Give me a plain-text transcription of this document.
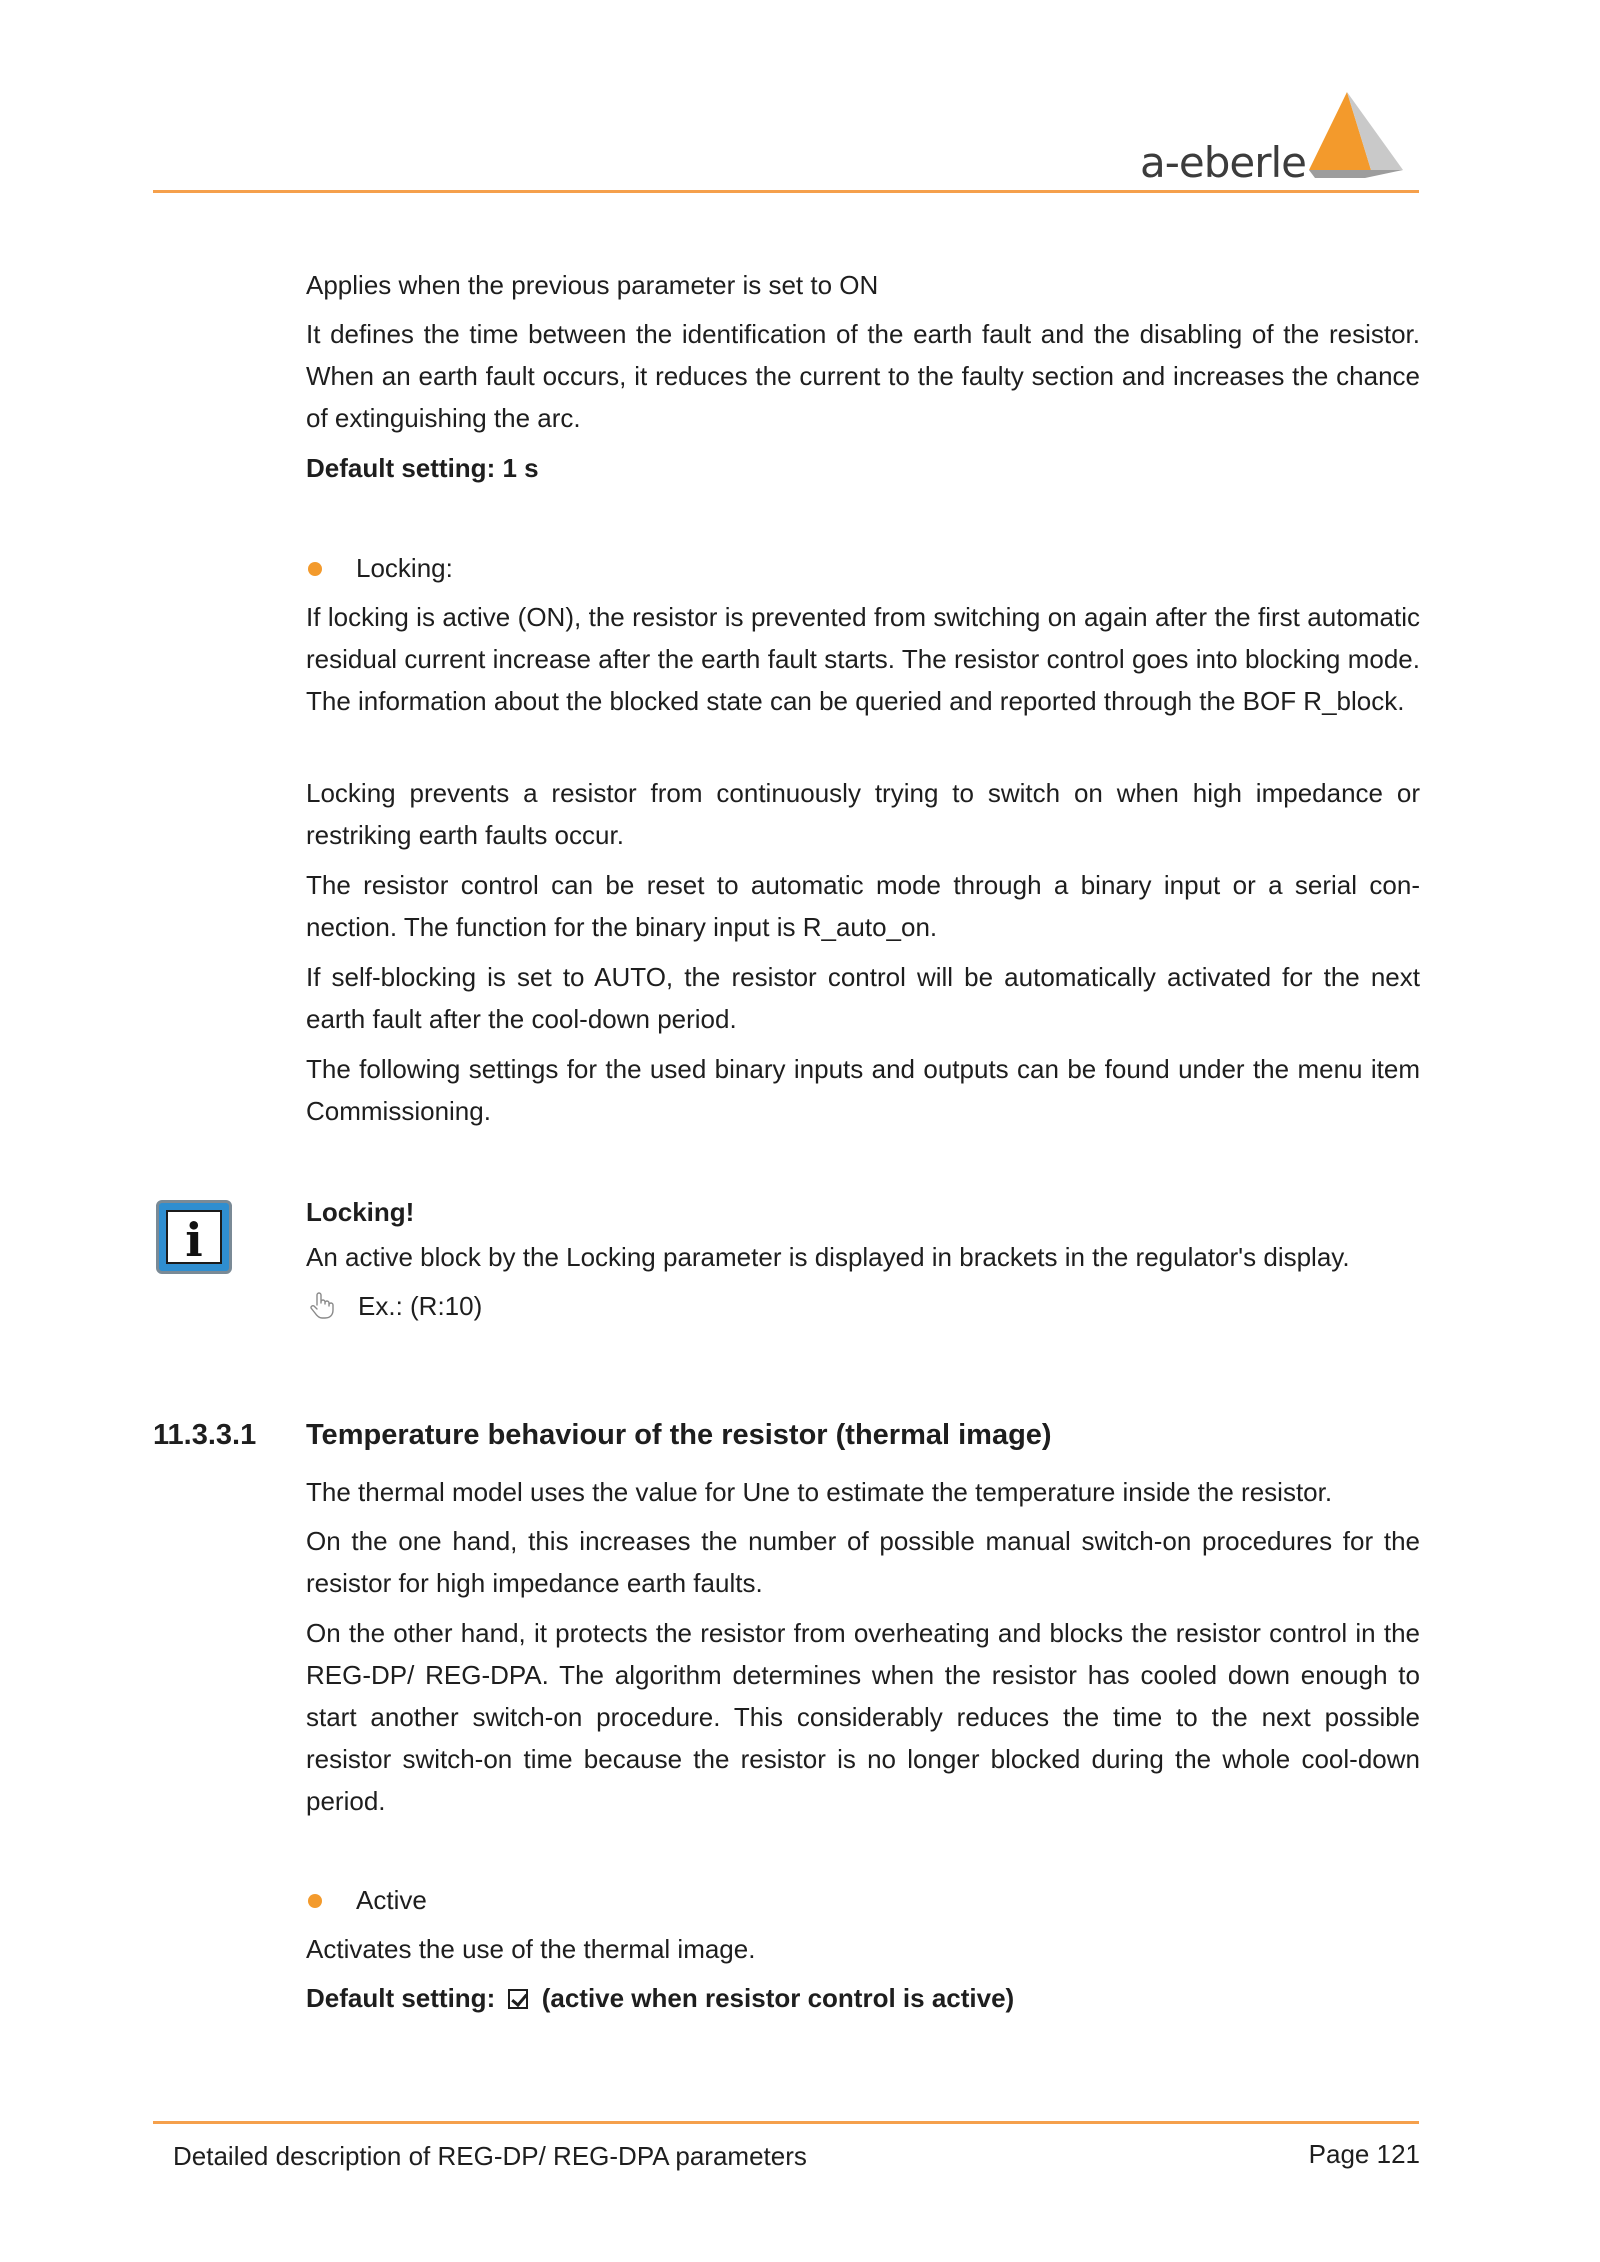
a-eberle

Applies when the previous parameter is set to ON

It defines the time between the identification of the earth fault and the disabling of the resistor. When an earth fault occurs, it reduces the current to the faulty section and increases the chance of extinguishing the arc.

Default setting: 1 s

Locking:

If locking is active (ON), the resistor is prevented from switching on again after the first automatic residual current increase after the earth fault starts. The resistor control goes into blocking mode. The information about the blocked state can be queried and reported through the BOF R_block.

Locking prevents a resistor from continuously trying to switch on when high impedance or restriking earth faults occur.

The resistor control can be reset to automatic mode through a binary input or a serial connection. The function for the binary input is R_auto_on.

If self-blocking is set to AUTO, the resistor control will be automatically activated for the next earth fault after the cool-down period.

The following settings for the used binary inputs and outputs can be found under the menu item Commissioning.

Locking!

An active block by the Locking parameter is displayed in brackets in the regulator's display.

Ex.: (R:10)

The thermal model uses the value for Une to estimate the temperature inside the resistor.

On the one hand, this increases the number of possible manual switch-on procedures for the resistor for high impedance earth faults.

On the other hand, it protects the resistor from overheating and blocks the resistor control in the REG-DP/ REG-DPA. The algorithm determines when the resistor has cooled down enough to start another switch-on procedure. This considerably reduces the time to the next possible resistor switch-on time because the resistor is no longer blocked during the whole cool-down period.

Active

Activates the use of the thermal image.

Default setting: (active when resistor control is active)

i
11.3.3.1 Temperature behaviour of the resistor (thermal image)
Detailed description of REG-DP/ REG-DPA parameters	Page 121
